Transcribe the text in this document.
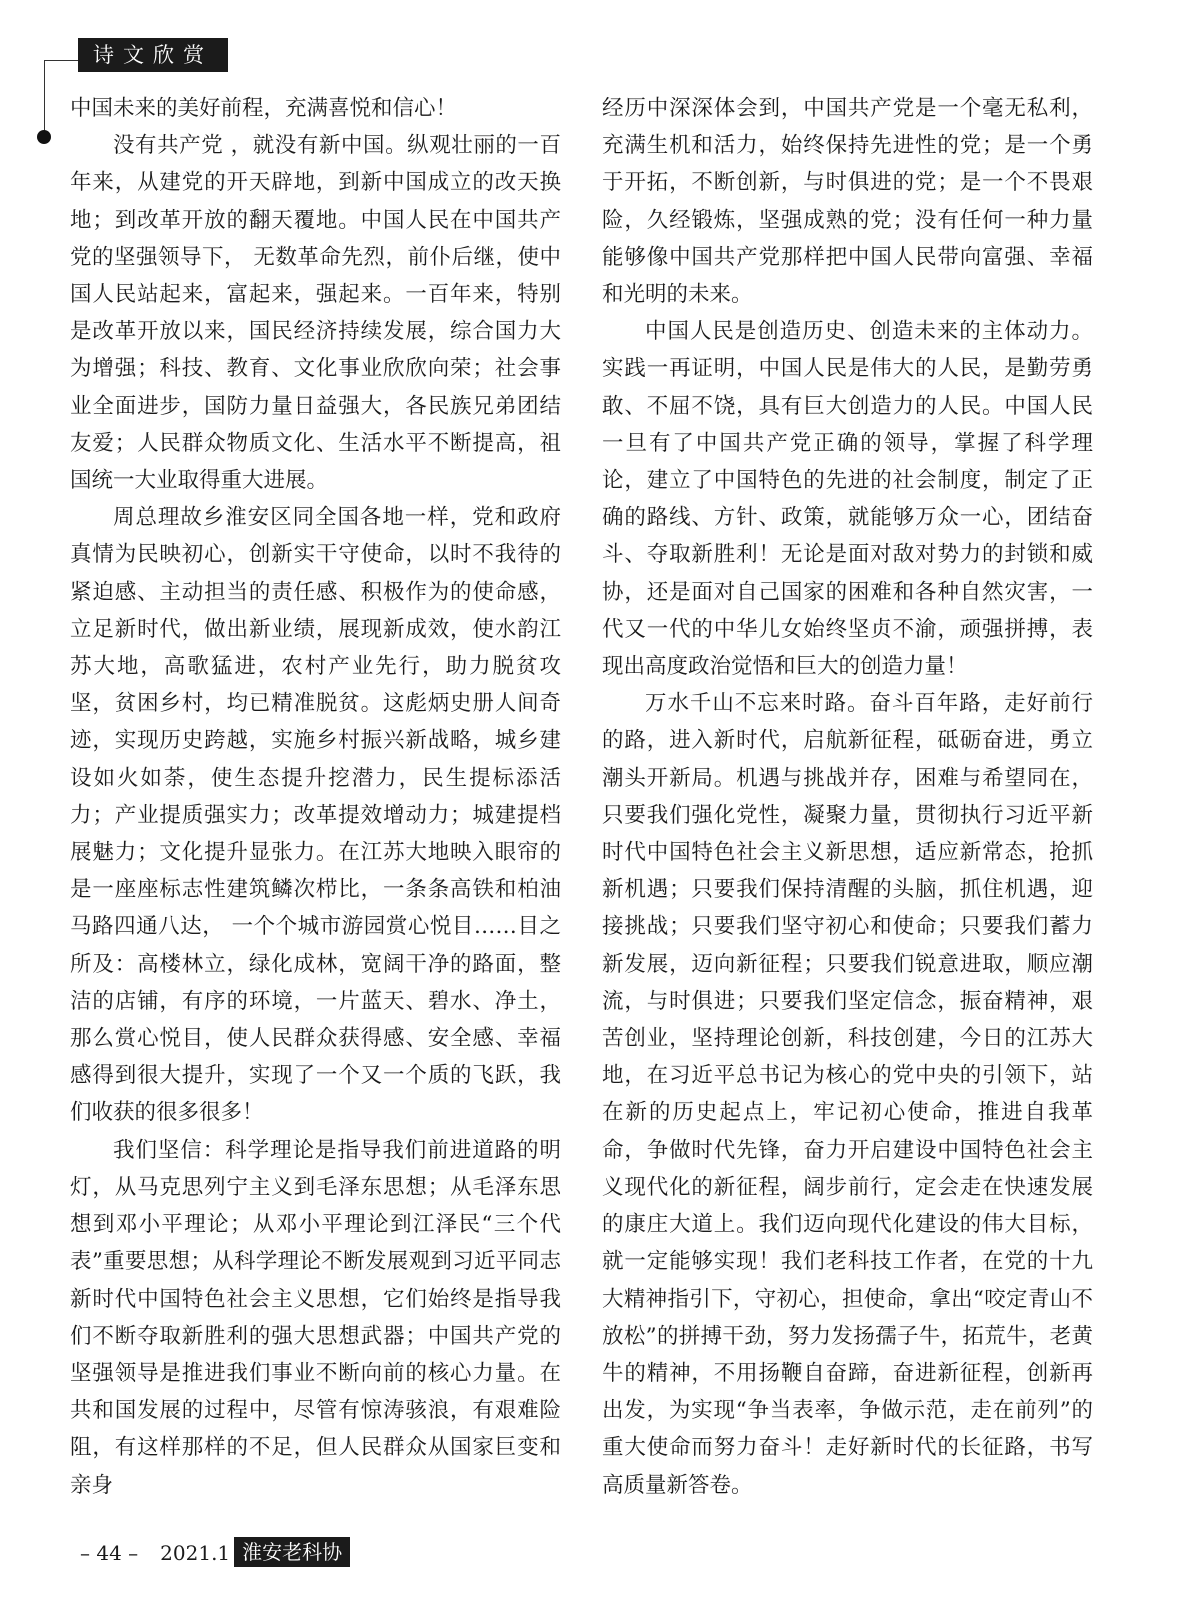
诗文欣赏

中国未来的美好前程，充满喜悦和信心！

没有共产党 ，就没有新中国。纵观壮丽的一百年来，从建党的开天辟地，到新中国成立的改天换地；到改革开放的翻天覆地。中国人民在中国共产党的坚强领导下， 无数革命先烈，前仆后继，使中国人民站起来，富起来，强起来。一百年来，特别是改革开放以来，国民经济持续发展，综合国力大为增强；科技、教育、文化事业欣欣向荣；社会事业全面进步，国防力量日益强大，各民族兄弟团结友爱；人民群众物质文化、生活水平不断提高，祖国统一大业取得重大进展。

周总理故乡淮安区同全国各地一样，党和政府真情为民映初心，创新实干守使命，以时不我待的紧迫感、主动担当的责任感、积极作为的使命感，立足新时代，做出新业绩，展现新成效，使水韵江苏大地，高歌猛进，农村产业先行，助力脱贫攻坚，贫困乡村，均已精准脱贫。这彪炳史册人间奇迹，实现历史跨越，实施乡村振兴新战略，城乡建设如火如荼，使生态提升挖潜力，民生提标添活力；产业提质强实力；改革提效增动力；城建提档展魅力；文化提升显张力。在江苏大地映入眼帘的是一座座标志性建筑鳞次栉比，一条条高铁和柏油马路四通八达， 一个个城市游园赏心悦目……目之所及：高楼林立，绿化成林，宽阔干净的路面，整洁的店铺，有序的环境，一片蓝天、碧水、净土，那么赏心悦目，使人民群众获得感、安全感、幸福感得到很大提升，实现了一个又一个质的飞跃，我们收获的很多很多！

我们坚信：科学理论是指导我们前进道路的明灯，从马克思列宁主义到毛泽东思想；从毛泽东思想到邓小平理论；从邓小平理论到江泽民“三个代表”重要思想；从科学理论不断发展观到习近平同志新时代中国特色社会主义思想，它们始终是指导我们不断夺取新胜利的强大思想武器；中国共产党的坚强领导是推进我们事业不断向前的核心力量。在共和国发展的过程中，尽管有惊涛骇浪，有艰难险阻，有这样那样的不足，但人民群众从国家巨变和亲身

经历中深深体会到，中国共产党是一个毫无私利，充满生机和活力，始终保持先进性的党；是一个勇于开拓，不断创新，与时俱进的党；是一个不畏艰险，久经锻炼，坚强成熟的党；没有任何一种力量能够像中国共产党那样把中国人民带向富强、幸福和光明的未来。

中国人民是创造历史、创造未来的主体动力。实践一再证明，中国人民是伟大的人民，是勤劳勇敢、不屈不饶，具有巨大创造力的人民。中国人民一旦有了中国共产党正确的领导，掌握了科学理论，建立了中国特色的先进的社会制度，制定了正确的路线、方针、政策，就能够万众一心，团结奋斗、夺取新胜利！无论是面对敌对势力的封锁和威协，还是面对自己国家的困难和各种自然灾害，一代又一代的中华儿女始终坚贞不渝，顽强拼搏，表现出高度政治觉悟和巨大的创造力量！

万水千山不忘来时路。奋斗百年路，走好前行的路，进入新时代，启航新征程，砥砺奋进，勇立潮头开新局。机遇与挑战并存，困难与希望同在，只要我们强化党性，凝聚力量，贯彻执行习近平新时代中国特色社会主义新思想，适应新常态，抢抓新机遇；只要我们保持清醒的头脑，抓住机遇，迎接挑战；只要我们坚守初心和使命；只要我们蓄力新发展，迈向新征程；只要我们锐意进取，顺应潮流，与时俱进；只要我们坚定信念，振奋精神，艰苦创业，坚持理论创新，科技创建，今日的江苏大地，在习近平总书记为核心的党中央的引领下，站在新的历史起点上，牢记初心使命，推进自我革命，争做时代先锋，奋力开启建设中国特色社会主义现代化的新征程，阔步前行，定会走在快速发展的康庄大道上。我们迈向现代化建设的伟大目标，就一定能够实现！我们老科技工作者，在党的十九大精神指引下，守初心，担使命，拿出“咬定青山不放松”的拼搏干劲，努力发扬孺子牛，拓荒牛，老黄牛的精神，不用扬鞭自奋蹄，奋进新征程，创新再出发，为实现“争当表率，争做示范，走在前列”的重大使命而努力奋斗！走好新时代的长征路，书写高质量新答卷。

– 44 – 2021.1 淮安老科协
